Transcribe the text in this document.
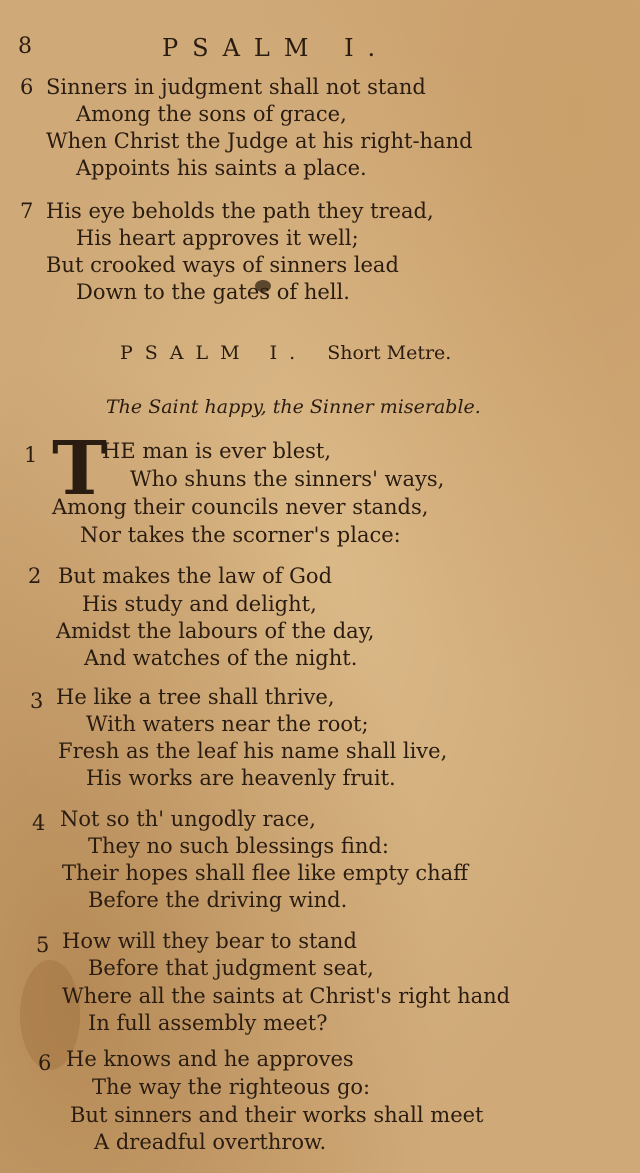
8	PSALM I.
6 Sinners in judgment shall not stand
Among the sons of grace,
When Christ the Judge at his right-hand
Appoints his saints a place.
7 His eye beholds the path they tread,
His heart approves it well;
But crooked ways of sinners lead
Down to the gates of hell.
PSALM I. Short Metre.
The Saint happy, the Sinner miserable.
1 T
HE man is ever blest,
Who shuns the sinners' ways,
Among their councils never stands,
Nor takes the scorner's place:
2 But makes the law of God
His study and delight,
Amidst the labours of the day,
And watches of the night.
3 He like a tree shall thrive,
With waters near the root;
Fresh as the leaf his name shall live,
His works are heavenly fruit.
4 Not so th' ungodly race,
They no such blessings find:
Their hopes shall flee like empty chaff
Before the driving wind.
5 How will they bear to stand
Before that judgment seat,
Where all the saints at Christ's right hand
In full assembly meet?
6 He knows and he approves
The way the righteous go:
But sinners and their works shall meet
A dreadful overthrow.
